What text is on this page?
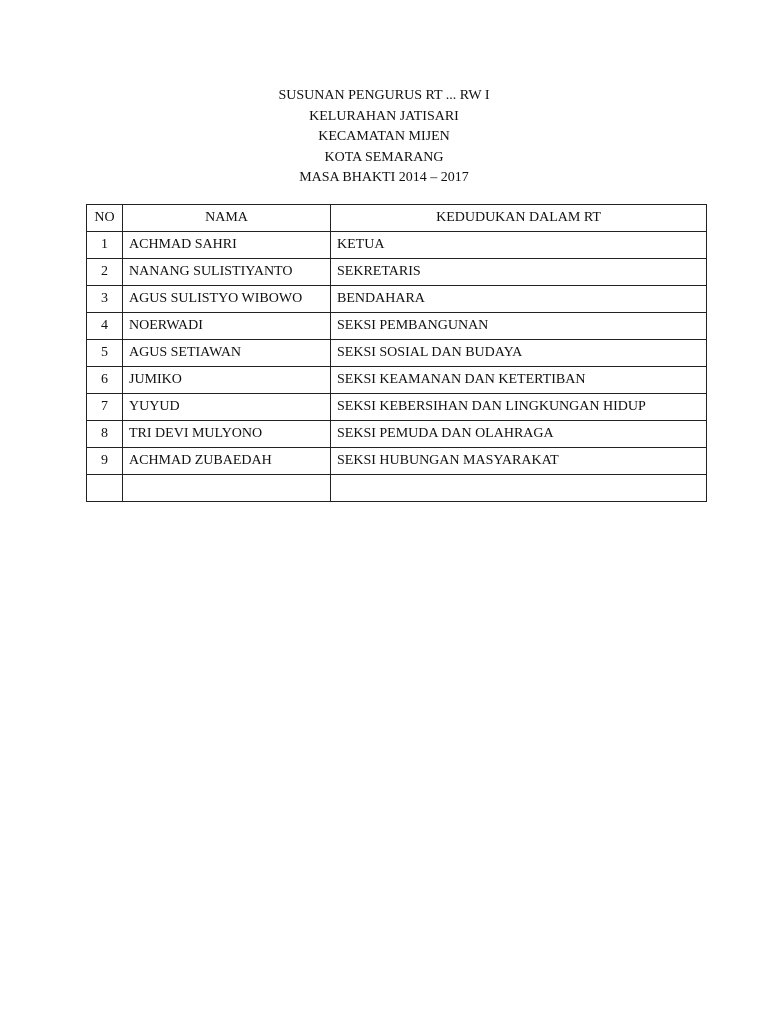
SUSUNAN PENGURUS RT ... RW I
KELURAHAN JATISARI
KECAMATAN MIJEN
KOTA SEMARANG
MASA BHAKTI 2014 – 2017
NO	NAMA	KEDUDUKAN DALAM RT
1	ACHMAD SAHRI	KETUA
2	NANANG SULISTIYANTO	SEKRETARIS
3	AGUS SULISTYO WIBOWO	BENDAHARA
4	NOERWADI	SEKSI PEMBANGUNAN
5	AGUS SETIAWAN	SEKSI SOSIAL DAN BUDAYA
6	JUMIKO	SEKSI KEAMANAN DAN KETERTIBAN
7	YUYUD	SEKSI KEBERSIHAN DAN LINGKUNGAN HIDUP
8	TRI DEVI MULYONO	SEKSI PEMUDA DAN OLAHRAGA
9	ACHMAD ZUBAEDAH	SEKSI HUBUNGAN MASYARAKAT
